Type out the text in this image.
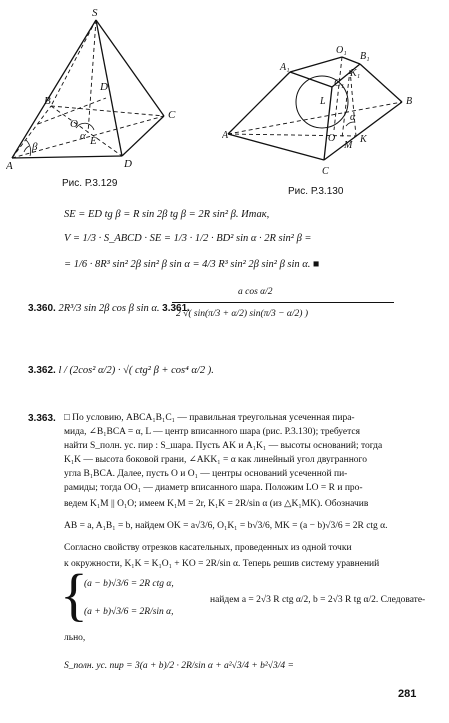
S
A
B
C
D
D
E
O
α
β
Рис. Р.3.129
A₁
O₁
B₁
K₁
C₁
L
A
B
C
O
M
K
α
Рис. Р.3.130
SE = ED tg β = R sin 2β tg β = 2R sin² β. Итак,
V = 1/3 · S_ABCD · SE = 1/3 · 1/2 · BD² sin α · 2R sin² β =
= 1/6 · 8R³ sin² 2β sin² β sin α = 4/3 R³ sin² 2β sin² β sin α. ■
3.360. 2R³/3 sin 2β cos β sin α. 3.361.
a cos α/2
2 √( sin(π/3 + α/2) sin(π/3 − α/2) )
3.362. l / (2cos² α/2) · √( ctg² β + cos⁴ α/2 ).
3.363. □ По условию, ABCA₁B₁C₁ — правильная треугольная усеченная пира-
мида, ∠B₁BCA = α, L — центр вписанного шара (рис. Р.3.130); требуется
найти S_полн. ус. пир : S_шара. Пусть AK и A₁K₁ — высоты оснований; тогда
K₁K — высота боковой грани, ∠AKK₁ = α как линейный угол двугранного
угла B₁BCA. Далее, пусть O и O₁ — центры оснований усеченной пи-
рамиды; тогда OO₁ — диаметр вписанного шара. Положим LO = R и про-
ведем K₁M || O₁O; имеем K₁M = 2r, K₁K = 2R/sin α (из △K₁MK). Обозначив
AB = a, A₁B₁ = b, найдем OK = a√3/6, O₁K₁ = b√3/6, MK = (a − b)√3/6 = 2R ctg α.
Согласно свойству отрезков касательных, проведенных из одной точки
к окружности, K₁K = K₁O₁ + KO = 2R/sin α. Теперь решив систему уравнений
{
(a − b)√3/6 = 2R ctg α,
(a + b)√3/6 = 2R/sin α,
найдем a = 2√3 R ctg α/2, b = 2√3 R tg α/2. Следовате-
льно,
S_полн. ус. пир = 3(a + b)/2 · 2R/sin α + a²√3/4 + b²√3/4 =
281
